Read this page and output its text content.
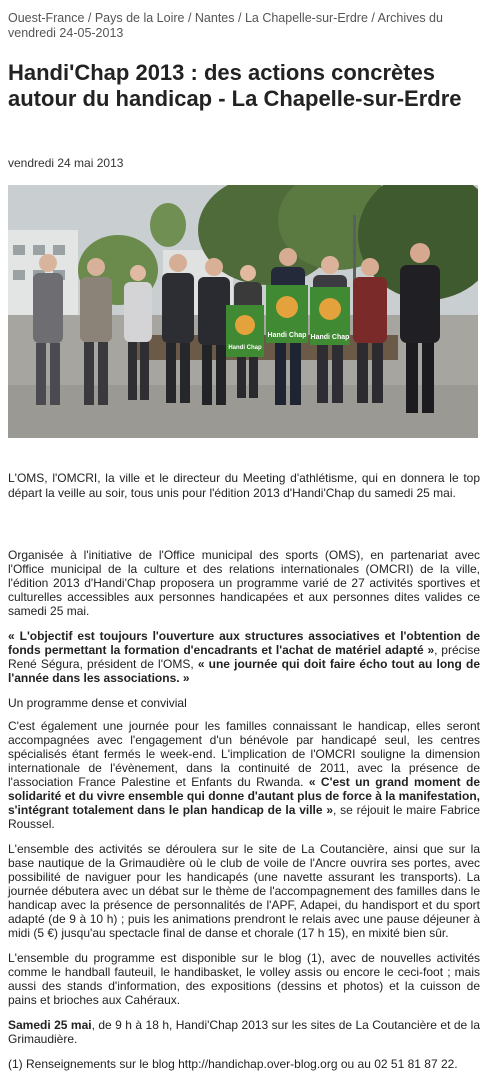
Ouest-France / Pays de la Loire / Nantes / La Chapelle-sur-Erdre / Archives du vendredi 24-05-2013
Handi'Chap 2013 : des actions concrètes autour du handicap - La Chapelle-sur-Erdre
vendredi 24 mai 2013
Handi Chap Handi Chap
Handi Chap
L'OMS, l'OMCRI, la ville et le directeur du Meeting d'athlétisme, qui en donnera le top départ la veille au soir, tous unis pour l'édition 2013 d'Handi'Chap du samedi 25 mai.

Organisée à l'initiative de l'Office municipal des sports (OMS), en partenariat avec l'Office municipal de la culture et des relations internationales (OMCRI) de la ville, l'édition 2013 d'Handi'Chap proposera un programme varié de 27 activités sportives et culturelles accessibles aux personnes handicapées et aux personnes dites valides ce samedi 25 mai.

« L'objectif est toujours l'ouverture aux structures associatives et l'obtention de fonds permettant la formation d'encadrants et l'achat de matériel adapté », précise René Ségura, président de l'OMS, « une journée qui doit faire écho tout au long de l'année dans les associations. »

Un programme dense et convivial

C'est également une journée pour les familles connaissant le handicap, elles seront accompagnées avec l'engagement d'un bénévole par handicapé seul, les centres spécialisés étant fermés le week-end. L'implication de l'OMCRI souligne la dimension internationale de l'évènement, dans la continuité de 2011, avec la présence de l'association France Palestine et Enfants du Rwanda. « C'est un grand moment de solidarité et du vivre ensemble qui donne d'autant plus de force à la manifestation, s'intégrant totalement dans le plan handicap de la ville », se réjouit le maire Fabrice Roussel.

L'ensemble des activités se déroulera sur le site de La Coutancière, ainsi que sur la base nautique de la Grimaudière où le club de voile de l'Ancre ouvrira ses portes, avec possibilité de naviguer pour les handicapés (une navette assurant les transports). La journée débutera avec un débat sur le thème de l'accompagnement des familles dans le handicap avec la présence de personnalités de l'APF, Adapei, du handisport et du sport adapté (de 9 à 10 h) ; puis les animations prendront le relais avec une pause déjeuner à midi (5 €) jusqu'au spectacle final de danse et chorale (17 h 15), en mixité bien sûr.

L'ensemble du programme est disponible sur le blog (1), avec de nouvelles activités comme le handball fauteuil, le handibasket, le volley assis ou encore le ceci-foot ; mais aussi des stands d'information, des expositions (dessins et photos) et la cuisson de pains et brioches aux Cahéraux.

Samedi 25 mai, de 9 h à 18 h, Handi'Chap 2013 sur les sites de La Coutancière et de la Grimaudière.

(1) Renseignements sur le blog http://handichap.over-blog.org ou au 02 51 81 87 22.
